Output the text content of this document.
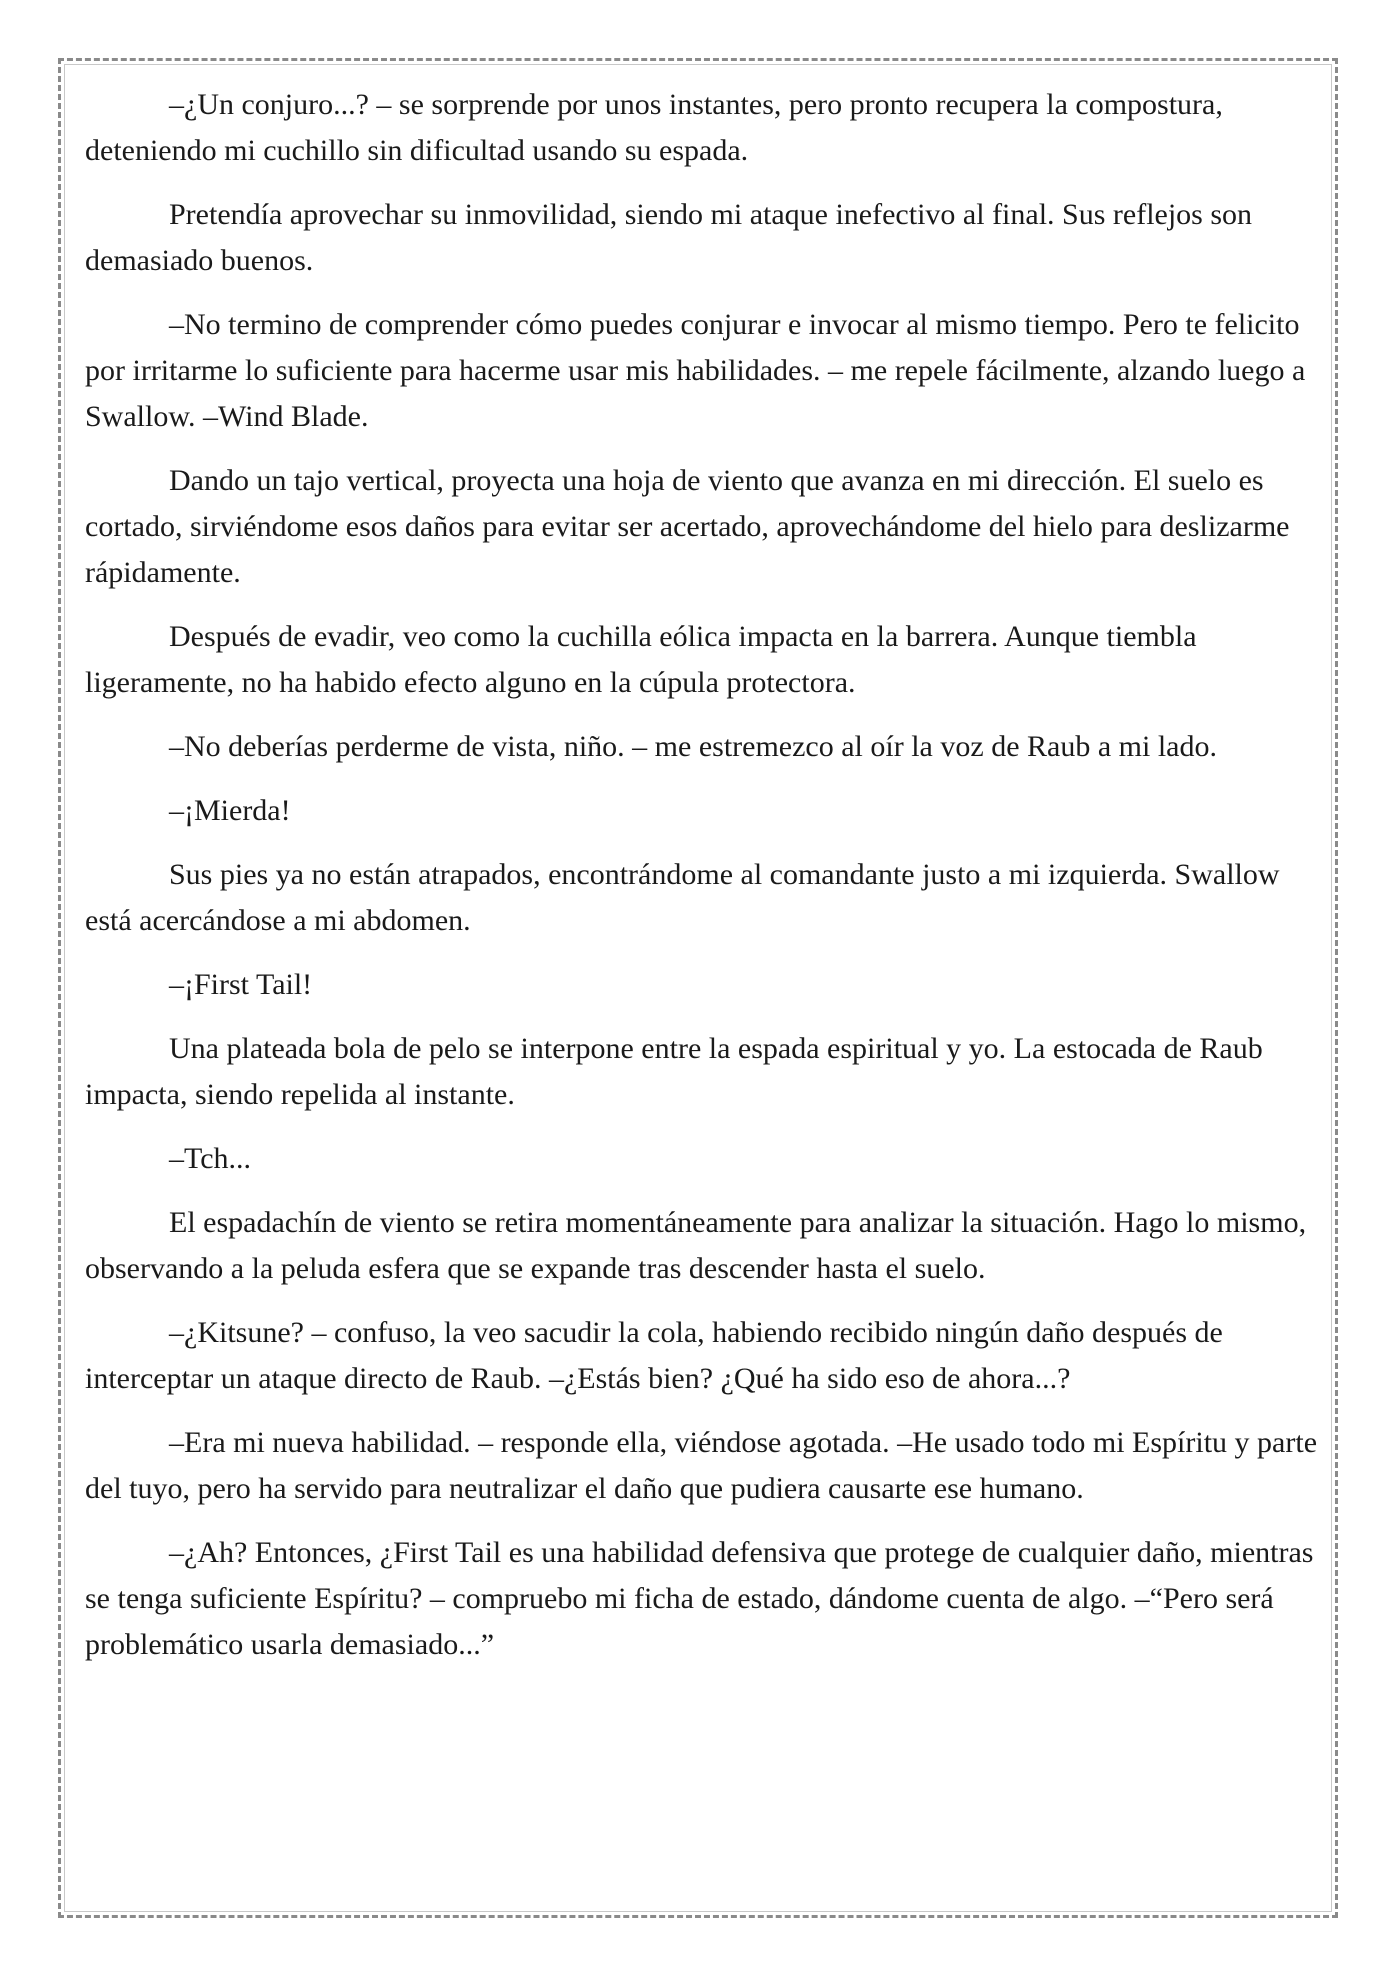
–¿Un conjuro...? – se sorprende por unos instantes, pero pronto recupera la compostura, deteniendo mi cuchillo sin dificultad usando su espada.

Pretendía aprovechar su inmovilidad, siendo mi ataque inefectivo al final. Sus reflejos son demasiado buenos.

–No termino de comprender cómo puedes conjurar e invocar al mismo tiempo. Pero te felicito por irritarme lo suficiente para hacerme usar mis habilidades. – me repele fácilmente, alzando luego a Swallow. –Wind Blade.

Dando un tajo vertical, proyecta una hoja de viento que avanza en mi dirección. El suelo es cortado, sirviéndome esos daños para evitar ser acertado, aprovechándome del hielo para deslizarme rápidamente.

Después de evadir, veo como la cuchilla eólica impacta en la barrera. Aunque tiembla ligeramente, no ha habido efecto alguno en la cúpula protectora.

–No deberías perderme de vista, niño. – me estremezco al oír la voz de Raub a mi lado.

–¡Mierda!

Sus pies ya no están atrapados, encontrándome al comandante justo a mi izquierda. Swallow está acercándose a mi abdomen.

–¡First Tail!

Una plateada bola de pelo se interpone entre la espada espiritual y yo. La estocada de Raub impacta, siendo repelida al instante.

–Tch...

El espadachín de viento se retira momentáneamente para analizar la situación. Hago lo mismo, observando a la peluda esfera que se expande tras descender hasta el suelo.

–¿Kitsune? – confuso, la veo sacudir la cola, habiendo recibido ningún daño después de interceptar un ataque directo de Raub. –¿Estás bien? ¿Qué ha sido eso de ahora...?

–Era mi nueva habilidad. – responde ella, viéndose agotada. –He usado todo mi Espíritu y parte del tuyo, pero ha servido para neutralizar el daño que pudiera causarte ese humano.

–¿Ah? Entonces, ¿First Tail es una habilidad defensiva que protege de cualquier daño, mientras se tenga suficiente Espíritu? – compruebo mi ficha de estado, dándome cuenta de algo. –“Pero será problemático usarla demasiado...”
